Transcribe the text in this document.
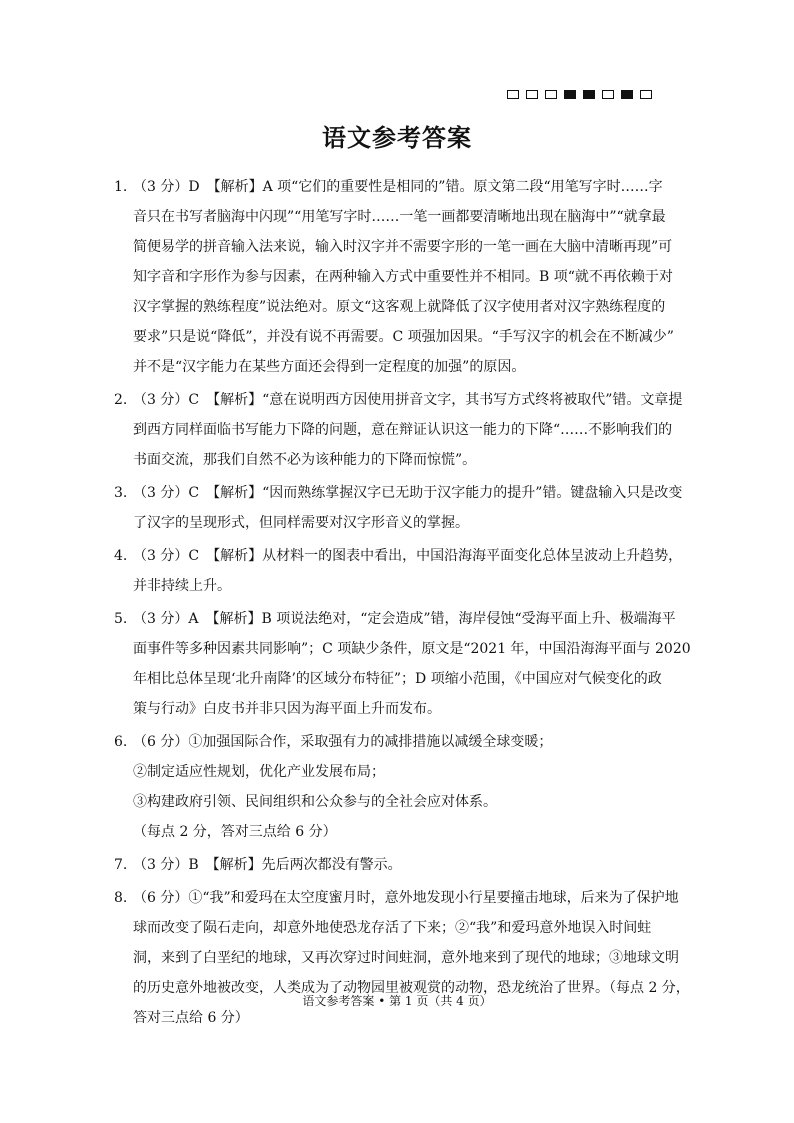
语文参考答案
1. （3 分）D　【解析】A 项“它们的重要性是相同的”错。原文第二段“用笔写字时……字
音只在书写者脑海中闪现”“用笔写字时……一笔一画都要清晰地出现在脑海中”“就拿最
简便易学的拼音输入法来说，输入时汉字并不需要字形的一笔一画在大脑中清晰再现”可
知字音和字形作为参与因素，在两种输入方式中重要性并不相同。B 项“就不再依赖于对
汉字掌握的熟练程度”说法绝对。原文“这客观上就降低了汉字使用者对汉字熟练程度的
要求”只是说“降低”，并没有说不再需要。C 项强加因果。“手写汉字的机会在不断减少”
并不是“汉字能力在某些方面还会得到一定程度的加强”的原因。
2. （3 分）C　【解析】“意在说明西方因使用拼音文字，其书写方式终将被取代”错。文章提
到西方同样面临书写能力下降的问题，意在辩证认识这一能力的下降“……不影响我们的
书面交流，那我们自然不必为该种能力的下降而惊慌”。
3. （3 分）C　【解析】“因而熟练掌握汉字已无助于汉字能力的提升”错。键盘输入只是改变
了汉字的呈现形式，但同样需要对汉字形音义的掌握。
4. （3 分）C　【解析】从材料一的图表中看出，中国沿海海平面变化总体呈波动上升趋势，
并非持续上升。
5. （3 分）A　【解析】B 项说法绝对，“定会造成”错，海岸侵蚀“受海平面上升、极端海平
面事件等多种因素共同影响”；C 项缺少条件，原文是“2021 年，中国沿海海平面与 2020
年相比总体呈现‘北升南降’的区域分布特征”；D 项缩小范围，《中国应对气候变化的政
策与行动》白皮书并非只因为海平面上升而发布。
6. （6 分）①加强国际合作，采取强有力的减排措施以减缓全球变暖；
②制定适应性规划，优化产业发展布局；
③构建政府引领、民间组织和公众参与的全社会应对体系。
（每点 2 分，答对三点给 6 分）
7. （3 分）B　【解析】先后两次都没有警示。
8. （6 分）①“我”和爱玛在太空度蜜月时，意外地发现小行星要撞击地球，后来为了保护地
球而改变了陨石走向，却意外地使恐龙存活了下来；②“我”和爱玛意外地误入时间蛀
洞，来到了白垩纪的地球，又再次穿过时间蛀洞，意外地来到了现代的地球；③地球文明
的历史意外地被改变，人类成为了动物园里被观赏的动物，恐龙统治了世界。（每点 2 分，
答对三点给 6 分）
语文参考答案 • 第 1 页（共 4 页）
